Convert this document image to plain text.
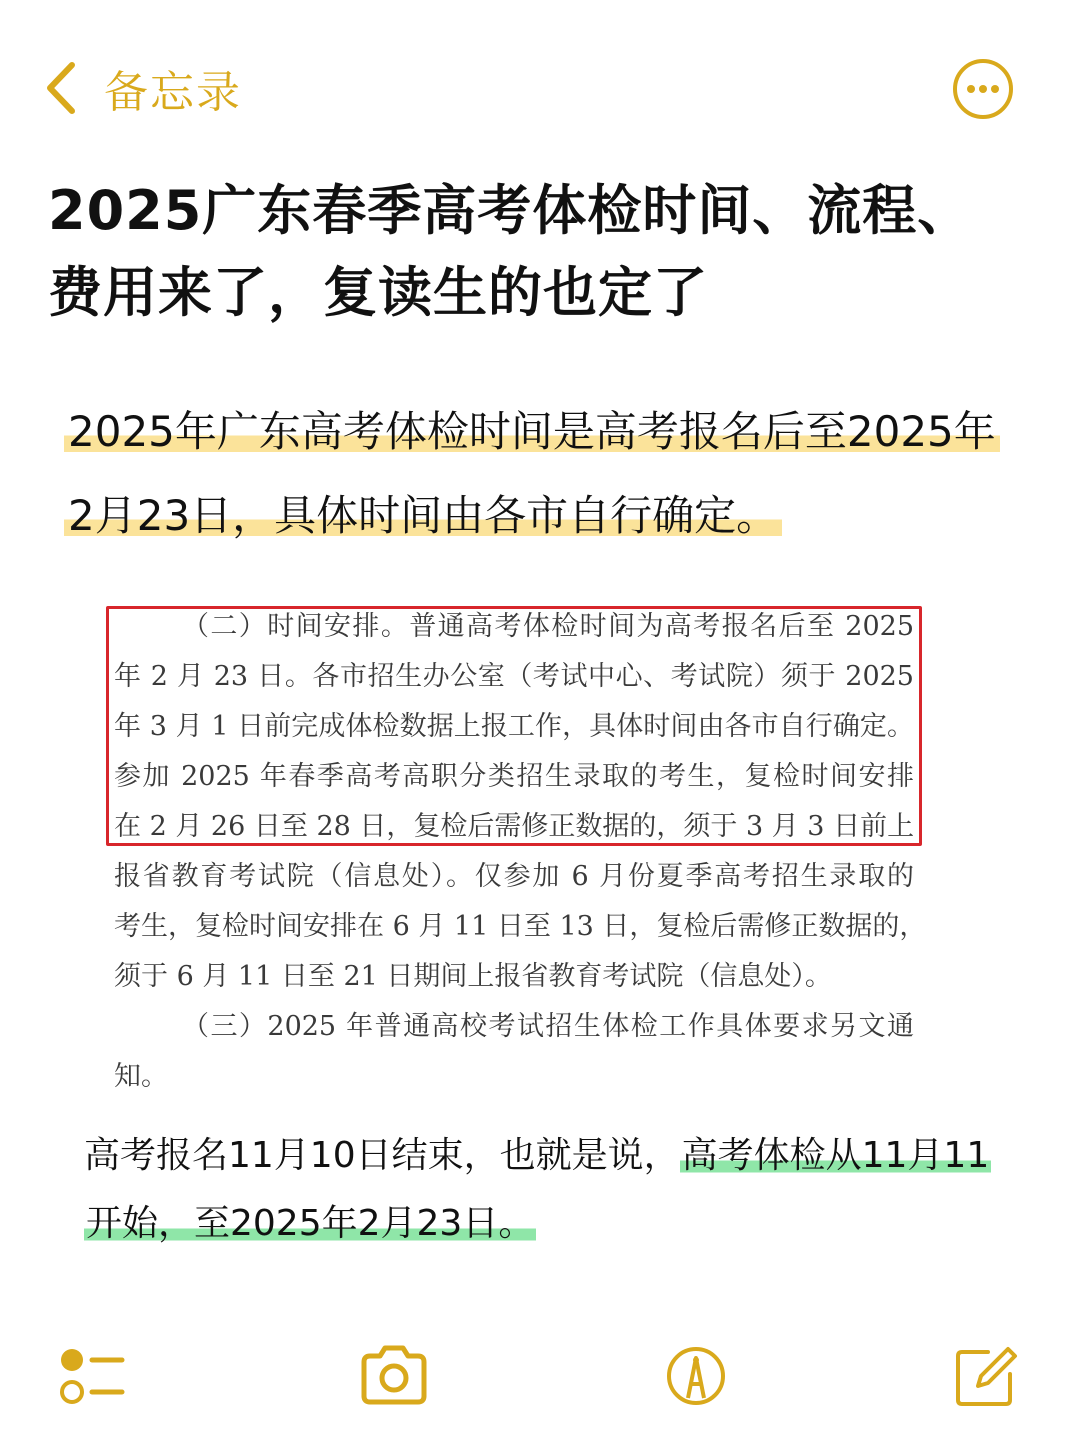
备忘录
2025广东春季高考体检时间、流程、
费用来了，复读生的也定了
2025年广东高考体检时间是高考报名后至2025年
2月23日，具体时间由各市自行确定。
（二）时间安排。普通高考体检时间为高考报名后至 2025
年 2 月 23 日。各市招生办公室（考试中心、考试院）须于 2025
年 3 月 1 日前完成体检数据上报工作，具体时间由各市自行确定。
参加 2025 年春季高考高职分类招生录取的考生，复检时间安排
在 2 月 26 日至 28 日，复检后需修正数据的，须于 3 月 3 日前上
报省教育考试院（信息处）。仅参加 6 月份夏季高考招生录取的
考生，复检时间安排在 6 月 11 日至 13 日，复检后需修正数据的，
须于 6 月 11 日至 21 日期间上报省教育考试院（信息处）。
（三）2025 年普通高校考试招生体检工作具体要求另文通
知。
高考报名11月10日结束，也就是说，高考体检从11月11
开始，至2025年2月23日。
